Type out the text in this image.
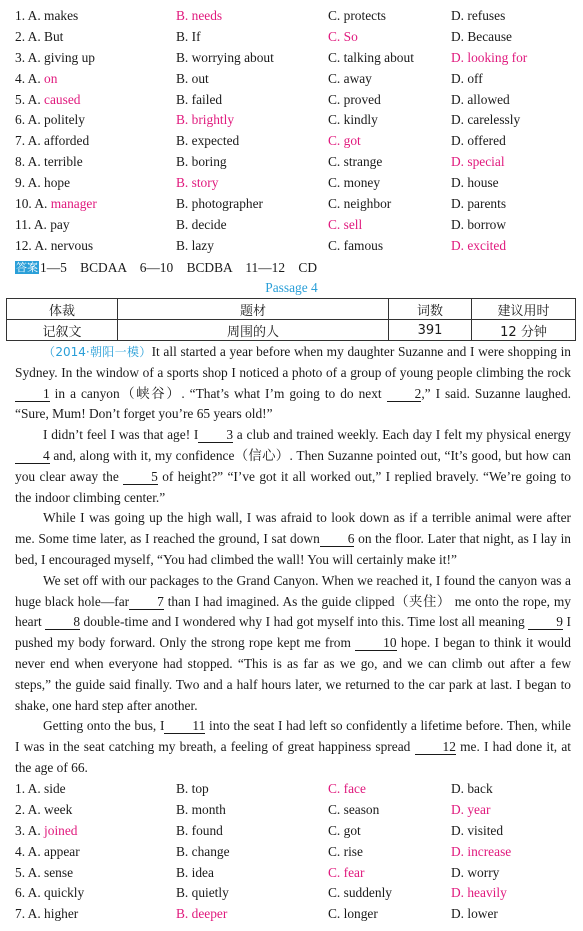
1. A. makes	B. needs	C. protects	D. refuses
2. A. But	B. If	C. So	D. Because
3. A. giving up	B. worrying about	C. talking about	D. looking for
4. A. on	B. out	C. away	D. off
5. A. caused	B. failed	C. proved	D. allowed
6. A. politely	B. brightly	C. kindly	D. carelessly
7. A. afforded	B. expected	C. got	D. offered
8. A. terrible	B. boring	C. strange	D. special
9. A. hope	B. story	C. money	D. house
10. A. manager	B. photographer	C. neighbor	D. parents
11. A. pay	B. decide	C. sell	D. borrow
12. A. nervous	B. lazy	C. famous	D. excited
答案 1—5    BCDAA    6—10    BCDBA    11—12    CD
Passage 4
体裁	题材	词数	建议用时
记叙文	周围的人	391	12 分钟

（2014·朝阳一模）It all started a year before when my daughter Suzanne and I were shopping in Sydney. In the window of a sports shop I noticed a photo of a group of young people climbing the rock1 in a canyon（峡谷）. “That’s what I’m going to do next 2,” I said. Suzanne laughed. “Sure, Mum! Don’t forget you’re 65 years old!”

I didn’t feel I was that age! I 3 a club and trained weekly. Each day I felt my physical energy 4 and, along with it, my confidence（信心）. Then Suzanne pointed out, “It’s good, but how can you clear away the 5 of height?” “I’ve got it all worked out,” I replied bravely. “We’re going to the indoor climbing center.”

While I was going up the high wall, I was afraid to look down as if a terrible animal were after me. Some time later, as I reached the ground, I sat down 6 on the floor. Later that night, as I lay in bed, I encouraged myself, “You had climbed the wall! You will certainly make it!”

We set off with our packages to the Grand Canyon. When we reached it, I found the canyon was a huge black hole—far 7 than I had imagined. As the guide clipped（夹住） me onto the rope, my heart 8 double-time and I wondered why I had got myself into this. Time lost all meaning 9 I pushed my body forward. Only the strong rope kept me from 10 hope. I began to think it would never end when everyone had stopped. “This is as far as we go, and we can climb out after a few steps,” the guide said finally. Two and a half hours later, we returned to the car park at last. I began to shake, one hard step after another.

Getting onto the bus, I 11 into the seat I had left so confidently a lifetime before. Then, while I was in the seat catching my breath, a feeling of great happiness spread 12 me. I had done it, at the age of 66.

1. A. side	B. top	C. face	D. back
2. A. week	B. month	C. season	D. year
3. A. joined	B. found	C. got	D. visited
4. A. appear	B. change	C. rise	D. increase
5. A. sense	B. idea	C. fear	D. worry
6. A. quickly	B. quietly	C. suddenly	D. heavily
7. A. higher	B. deeper	C. longer	D. lower
